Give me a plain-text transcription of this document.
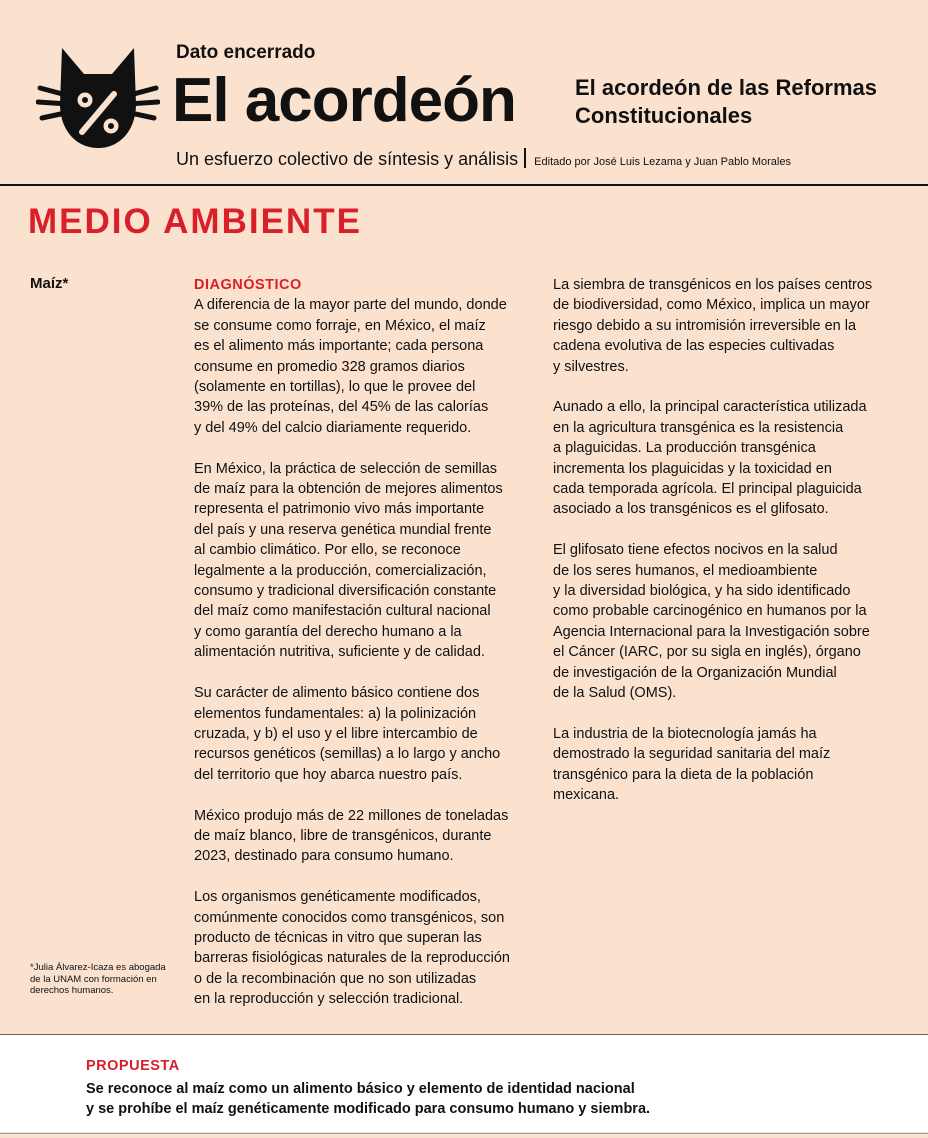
Dato encerrado
El acordeón
Un esfuerzo colectivo de síntesis y análisis Editado por José Luis Lezama y Juan Pablo Morales
El acordeón de las Reformas Constitucionales
MEDIO AMBIENTE
Maíz*	DIAGNÓSTICO

A diferencia de la mayor parte del mundo, donde
se consume como forraje, en México, el maíz
es el alimento más importante; cada persona
consume en promedio 328 gramos diarios
(solamente en tortillas), lo que le provee del
39% de las proteínas, del 45% de las calorías
y del 49% del calcio diariamente requerido.

En México, la práctica de selección de semillas
de maíz para la obtención de mejores alimentos
representa el patrimonio vivo más importante
del país y una reserva genética mundial frente
al cambio climático. Por ello, se reconoce
legalmente a la producción, comercialización,
consumo y tradicional diversificación constante
del maíz como manifestación cultural nacional
y como garantía del derecho humano a la
alimentación nutritiva, suficiente y de calidad.

Su carácter de alimento básico contiene dos
elementos fundamentales: a) la polinización
cruzada, y b) el uso y el libre intercambio de
recursos genéticos (semillas) a lo largo y ancho
del territorio que hoy abarca nuestro país.

México produjo más de 22 millones de toneladas
de maíz blanco, libre de transgénicos, durante
2023, destinado para consumo humano.

Los organismos genéticamente modificados,
comúnmente conocidos como transgénicos, son
producto de técnicas in vitro que superan las
barreras fisiológicas naturales de la reproducción
o de la recombinación que no son utilizadas
en la reproducción y selección tradicional.

La siembra de transgénicos en los países centros
de biodiversidad, como México, implica un mayor
riesgo debido a su intromisión irreversible en la
cadena evolutiva de las especies cultivadas
y silvestres.

Aunado a ello, la principal característica utilizada
en la agricultura transgénica es la resistencia
a plaguicidas. La producción transgénica
incrementa los plaguicidas y la toxicidad en
cada temporada agrícola. El principal plaguicida
asociado a los transgénicos es el glifosato.

El glifosato tiene efectos nocivos en la salud
de los seres humanos, el medioambiente
y la diversidad biológica, y ha sido identificado
como probable carcinogénico en humanos por la
Agencia Internacional para la Investigación sobre
el Cáncer (IARC, por su sigla en inglés), órgano
de investigación de la Organización Mundial
de la Salud (OMS).

La industria de la biotecnología jamás ha
demostrado la seguridad sanitaria del maíz
transgénico para la dieta de la población
mexicana.

*Julia Álvarez-Icaza es abogada
de la UNAM con formación en
derechos humanos.
PROPUESTA

Se reconoce al maíz como un alimento básico y elemento de identidad nacional
y se prohíbe el maíz genéticamente modificado para consumo humano y siembra.
